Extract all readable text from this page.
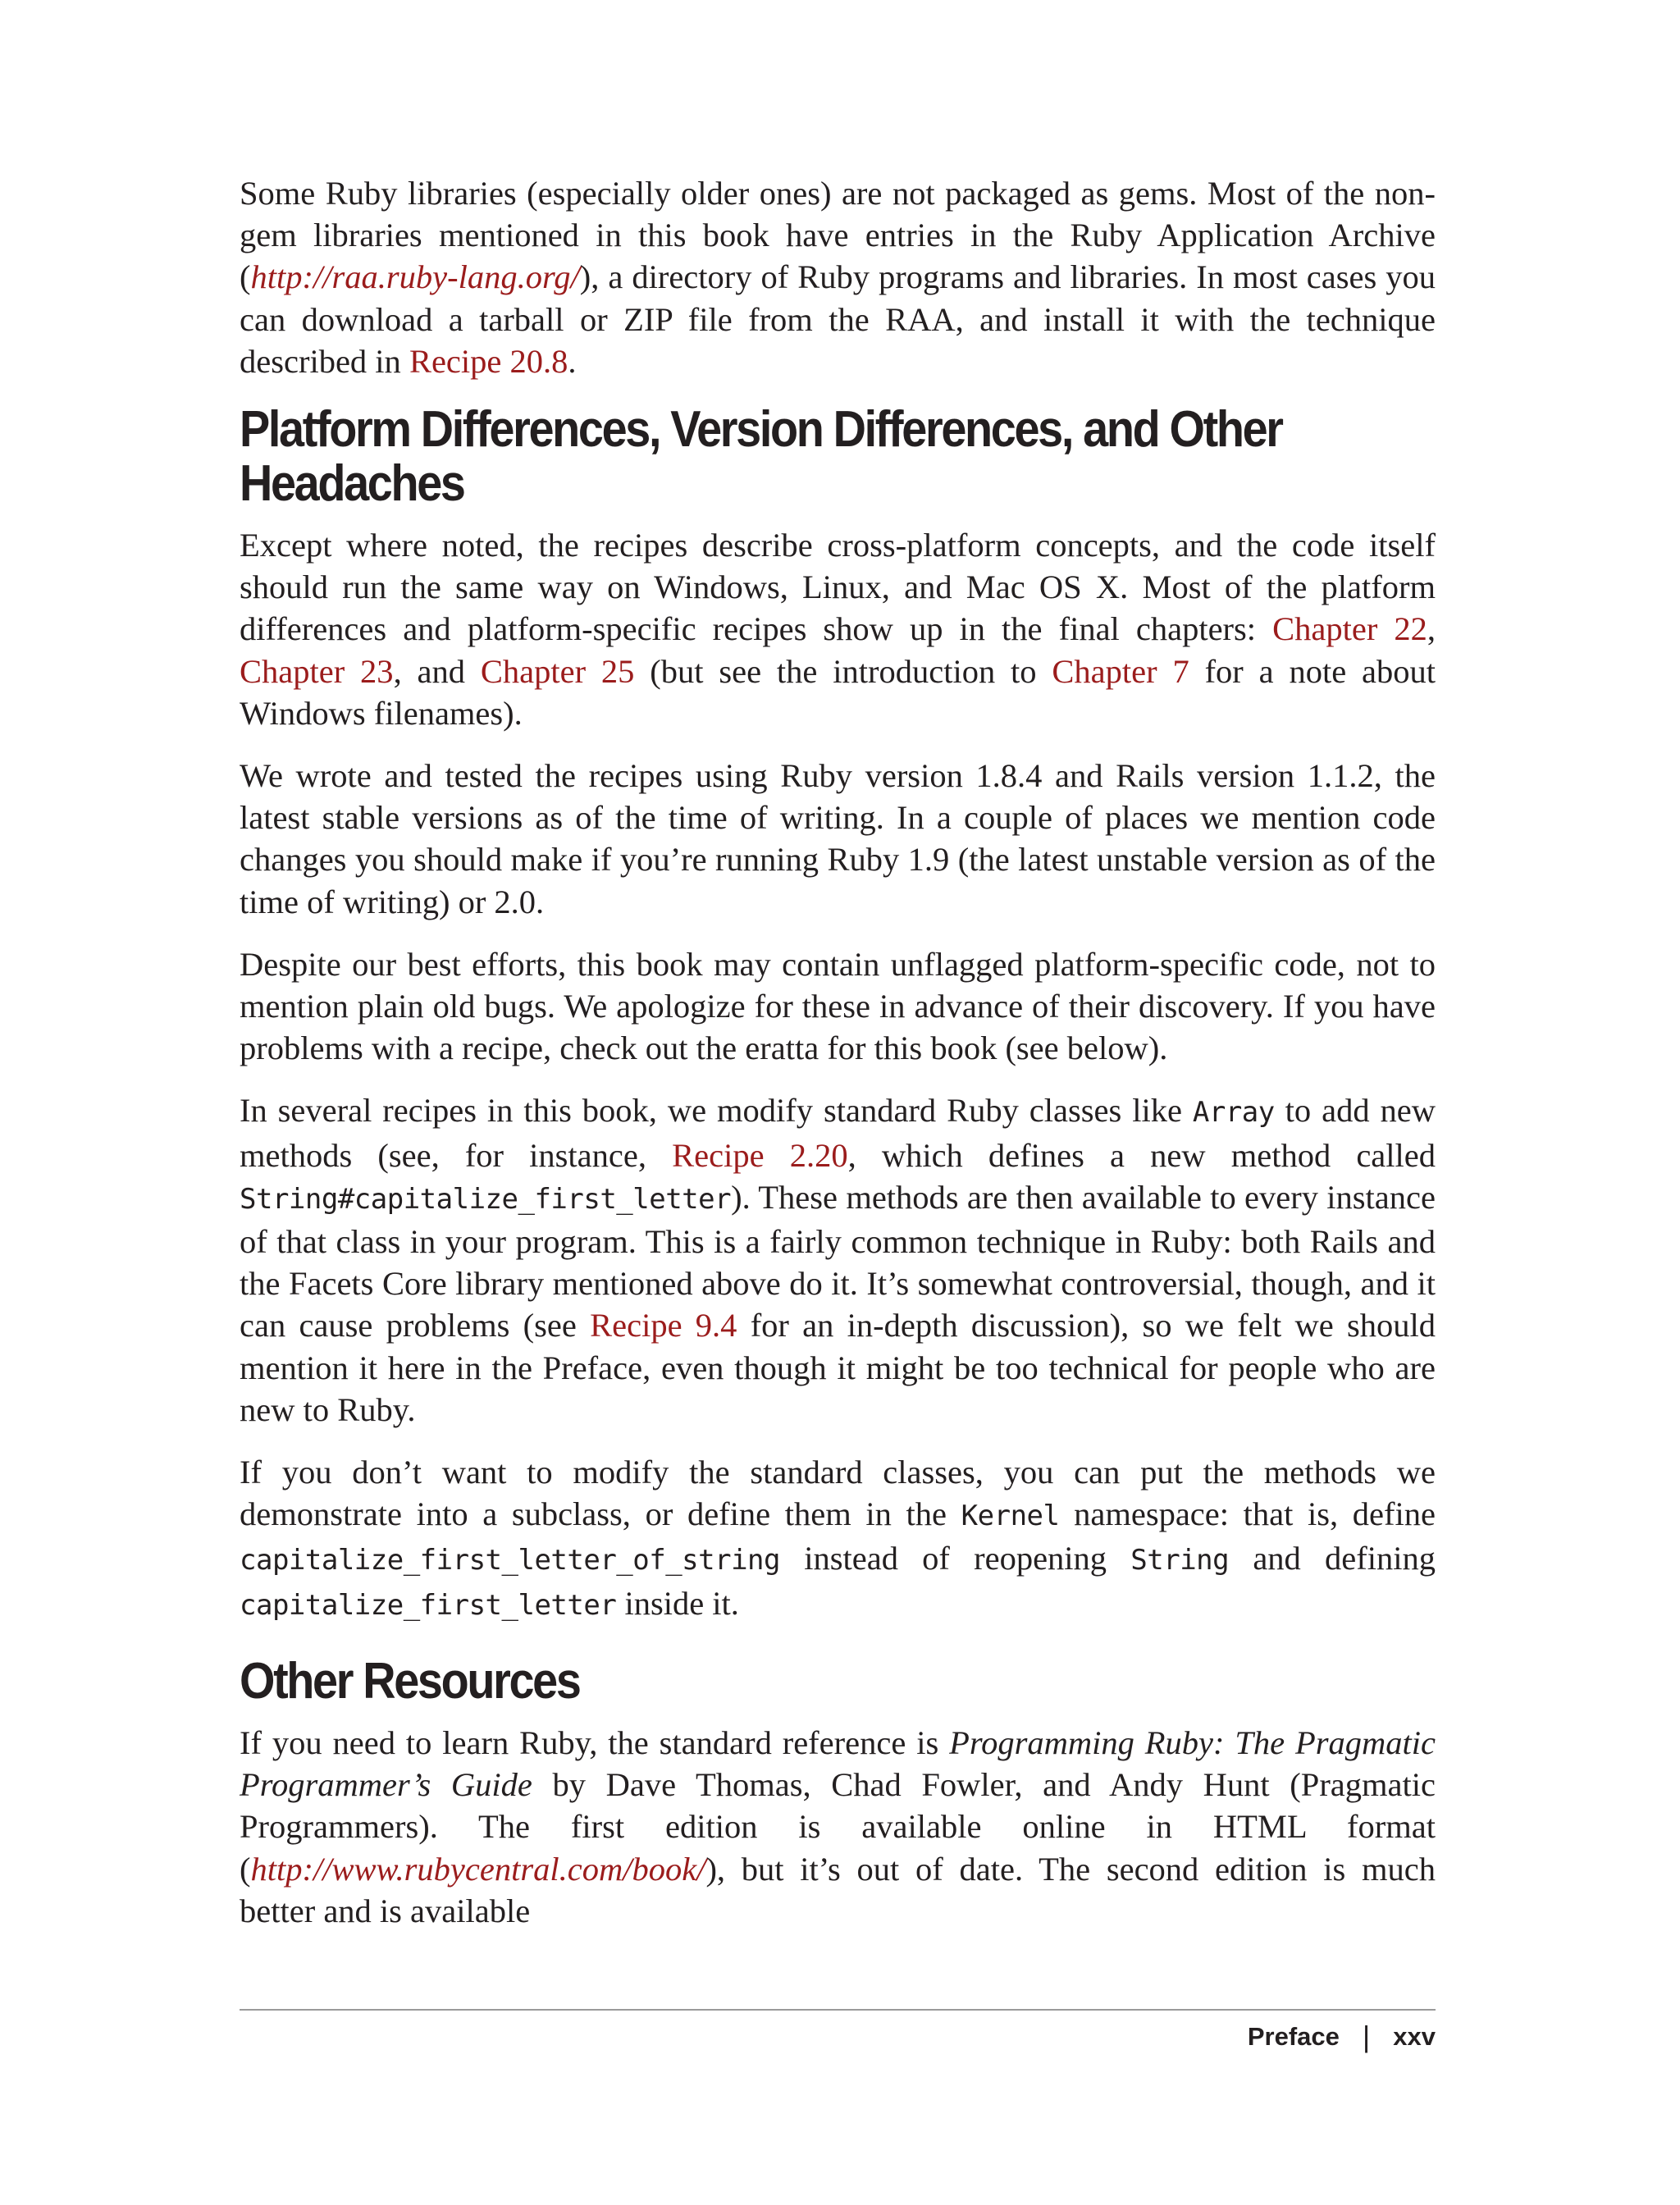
Some Ruby libraries (especially older ones) are not packaged as gems. Most of the non-gem libraries mentioned in this book have entries in the Ruby Application Archive (http://raa.ruby-lang.org/), a directory of Ruby programs and libraries. In most cases you can download a tarball or ZIP file from the RAA, and install it with the technique described in Recipe 20.8.

Platform Differences, Version Differences, and Other Headaches

Except where noted, the recipes describe cross-platform concepts, and the code itself should run the same way on Windows, Linux, and Mac OS X. Most of the platform differences and platform-specific recipes show up in the final chapters: Chapter 22, Chapter 23, and Chapter 25 (but see the introduction to Chapter 7 for a note about Windows filenames).

We wrote and tested the recipes using Ruby version 1.8.4 and Rails version 1.1.2, the latest stable versions as of the time of writing. In a couple of places we mention code changes you should make if you’re running Ruby 1.9 (the latest unstable version as of the time of writing) or 2.0.

Despite our best efforts, this book may contain unflagged platform-specific code, not to mention plain old bugs. We apologize for these in advance of their discovery. If you have problems with a recipe, check out the eratta for this book (see below).

In several recipes in this book, we modify standard Ruby classes like Array to add new methods (see, for instance, Recipe 2.20, which defines a new method called String#capitalize_first_letter). These methods are then available to every instance of that class in your program. This is a fairly common technique in Ruby: both Rails and the Facets Core library mentioned above do it. It’s somewhat controversial, though, and it can cause problems (see Recipe 9.4 for an in-depth discussion), so we felt we should mention it here in the Preface, even though it might be too technical for people who are new to Ruby.

If you don’t want to modify the standard classes, you can put the methods we demonstrate into a subclass, or define them in the Kernel namespace: that is, define capitalize_first_letter_of_string instead of reopening String and defining capitalize_first_letter inside it.

Other Resources

If you need to learn Ruby, the standard reference is Programming Ruby: The Pragmatic Programmer’s Guide by Dave Thomas, Chad Fowler, and Andy Hunt (Pragmatic Programmers). The first edition is available online in HTML format (http://www.rubycentral.com/book/), but it’s out of date. The second edition is much better and is available

Preface | xxv
